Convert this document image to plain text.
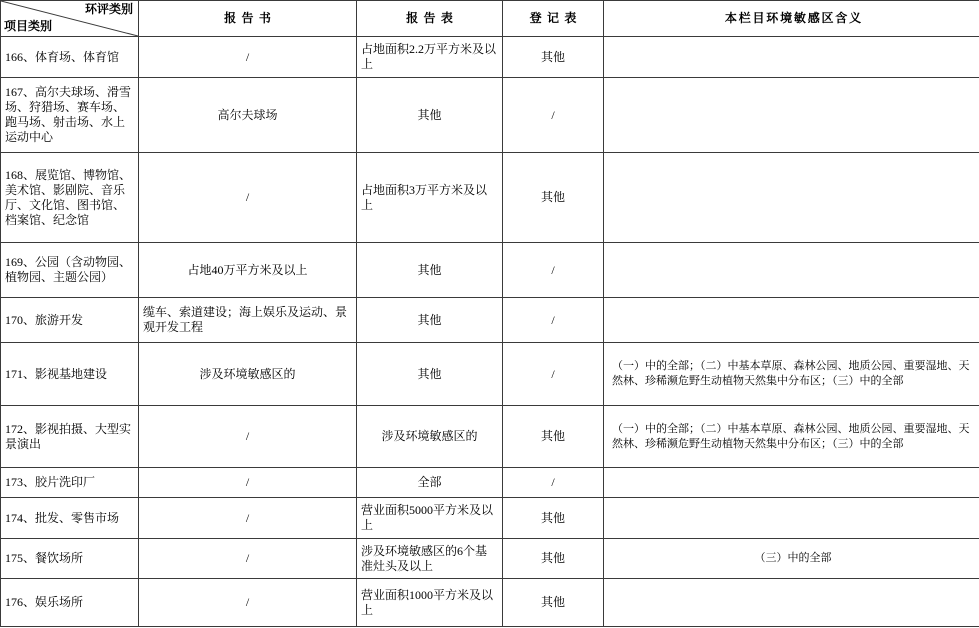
环评类别
项目类别	报告书	报告表	登记表	本栏目环境敏感区含义
166、体育场、体育馆	/	占地面积2.2万平方米及以上	其他	
167、高尔夫球场、滑雪场、狩猎场、赛车场、跑马场、射击场、水上运动中心	高尔夫球场	其他	/	
168、展览馆、博物馆、美术馆、影剧院、音乐厅、文化馆、图书馆、档案馆、纪念馆	/	占地面积3万平方米及以上	其他	
169、公园（含动物园、植物园、主题公园）	占地40万平方米及以上	其他	/	
170、旅游开发	缆车、索道建设；海上娱乐及运动、景观开发工程	其他	/	
171、影视基地建设	涉及环境敏感区的	其他	/	（一）中的全部；（二）中基本草原、森林公园、地质公园、重要湿地、天然林、珍稀濒危野生动植物天然集中分布区；（三）中的全部
172、影视拍摄、大型实景演出	/	涉及环境敏感区的	其他	（一）中的全部；（二）中基本草原、森林公园、地质公园、重要湿地、天然林、珍稀濒危野生动植物天然集中分布区；（三）中的全部
173、胶片洗印厂	/	全部	/	
174、批发、零售市场	/	营业面积5000平方米及以上	其他	
175、餐饮场所	/	涉及环境敏感区的6个基准灶头及以上	其他	（三）中的全部
176、娱乐场所	/	营业面积1000平方米及以上	其他	
